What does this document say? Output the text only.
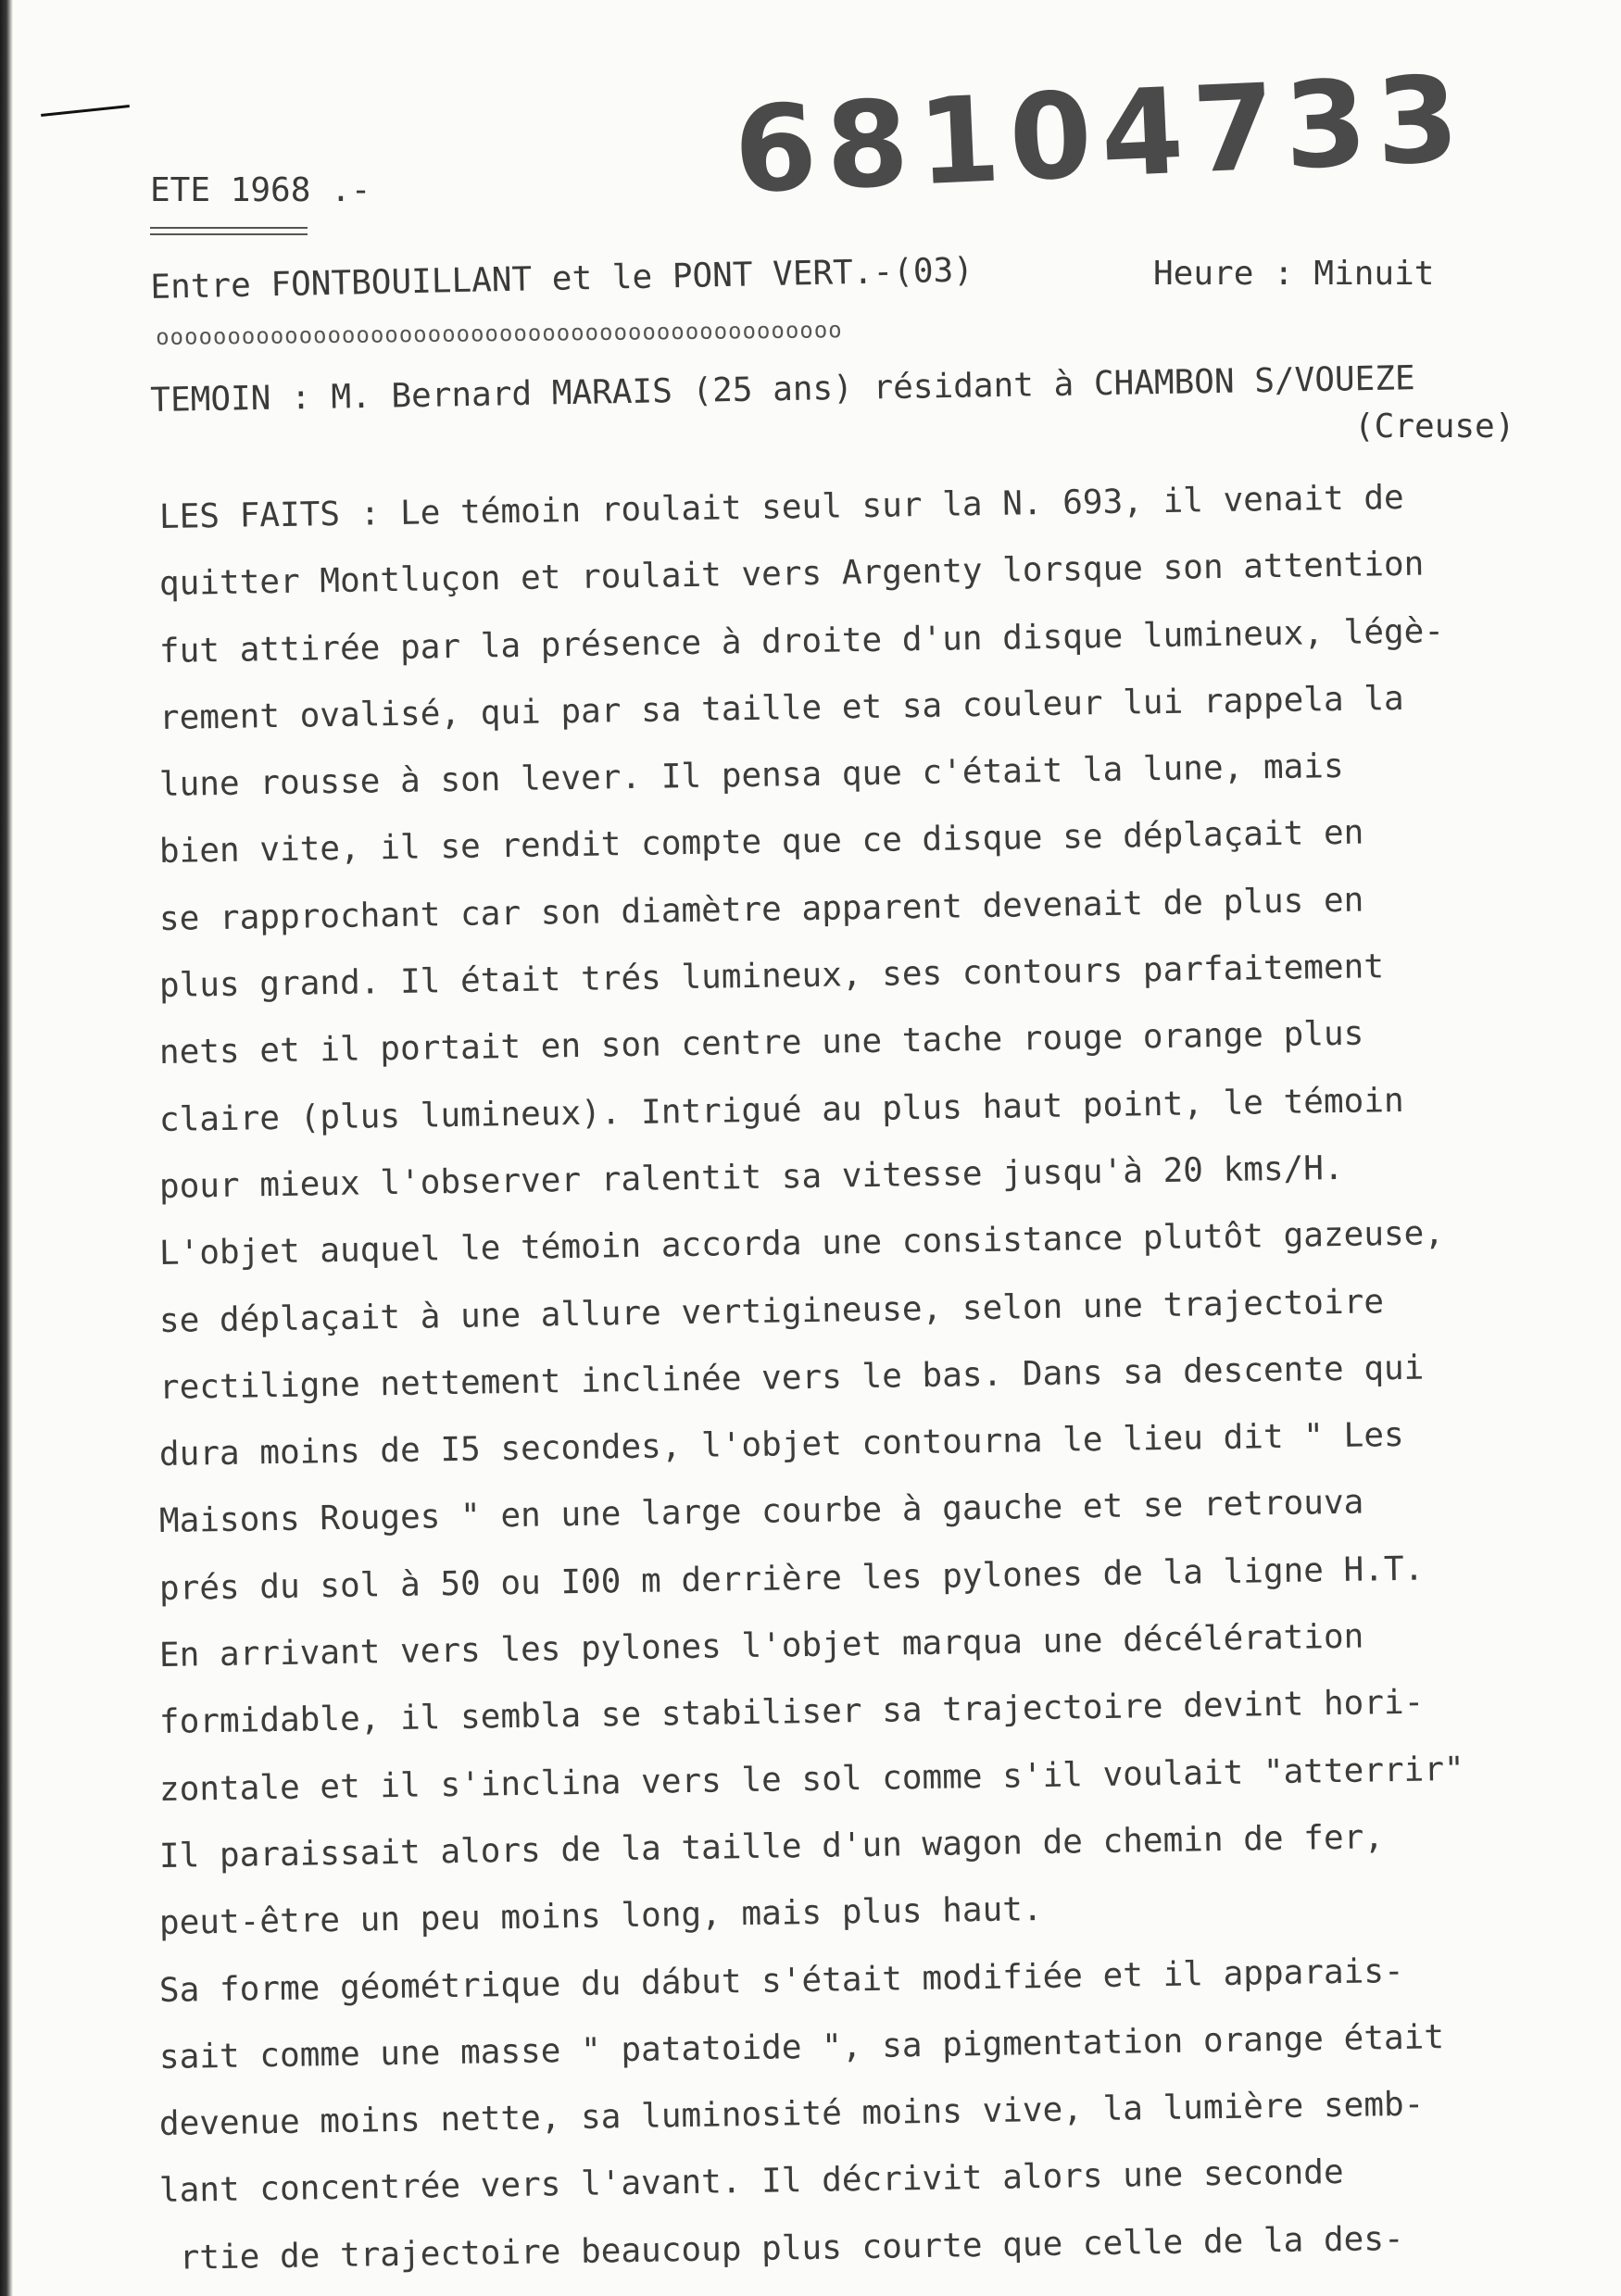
68104733
ETE 1968 .-
Entre FONTBOUILLANT et le PONT VERT.-(03)	Heure : Minuit
oooooooooooooooooooooooooooooooooooooooooooooooo
TEMOIN : M. Bernard MARAIS (25 ans) résidant à CHAMBON S/VOUEZE
(Creuse)
LES FAITS : Le témoin roulait seul sur la N. 693, il venait de
quitter Montluçon et roulait vers Argenty lorsque son attention
fut attirée par la présence à droite d'un disque lumineux, légè-
rement ovalisé, qui par sa taille et sa couleur lui rappela la
lune rousse à son lever. Il pensa que c'était la lune, mais
bien vite, il se rendit compte que ce disque se déplaçait en
se rapprochant car son diamètre apparent devenait de plus en
plus grand. Il était trés lumineux, ses contours parfaitement
nets et il portait en son centre une tache rouge orange plus
claire (plus lumineux). Intrigué au plus haut point, le témoin
pour mieux l'observer ralentit sa vitesse jusqu'à 20 kms/H.
L'objet auquel le témoin accorda une consistance plutôt gazeuse,
se déplaçait à une allure vertigineuse, selon une trajectoire
rectiligne nettement inclinée vers le bas. Dans sa descente qui
dura moins de I5 secondes, l'objet contourna le lieu dit " Les
Maisons Rouges " en une large courbe à gauche et se retrouva
prés du sol à 50 ou I00 m derrière les pylones de la ligne H.T.
En arrivant vers les pylones l'objet marqua une décélération
formidable, il sembla se stabiliser sa trajectoire devint hori-
zontale et il s'inclina vers le sol comme s'il voulait "atterrir"
Il paraissait alors de la taille d'un wagon de chemin de fer,
peut-être un peu moins long, mais plus haut.
Sa forme géométrique du dábut s'était modifiée et il apparais-
sait comme une masse " patatoide ", sa pigmentation orange était
devenue moins nette, sa luminosité moins vive, la lumière semb-
lant concentrée vers l'avant. Il décrivit alors une seconde
rtie de trajectoire beaucoup plus courte que celle de la des-
